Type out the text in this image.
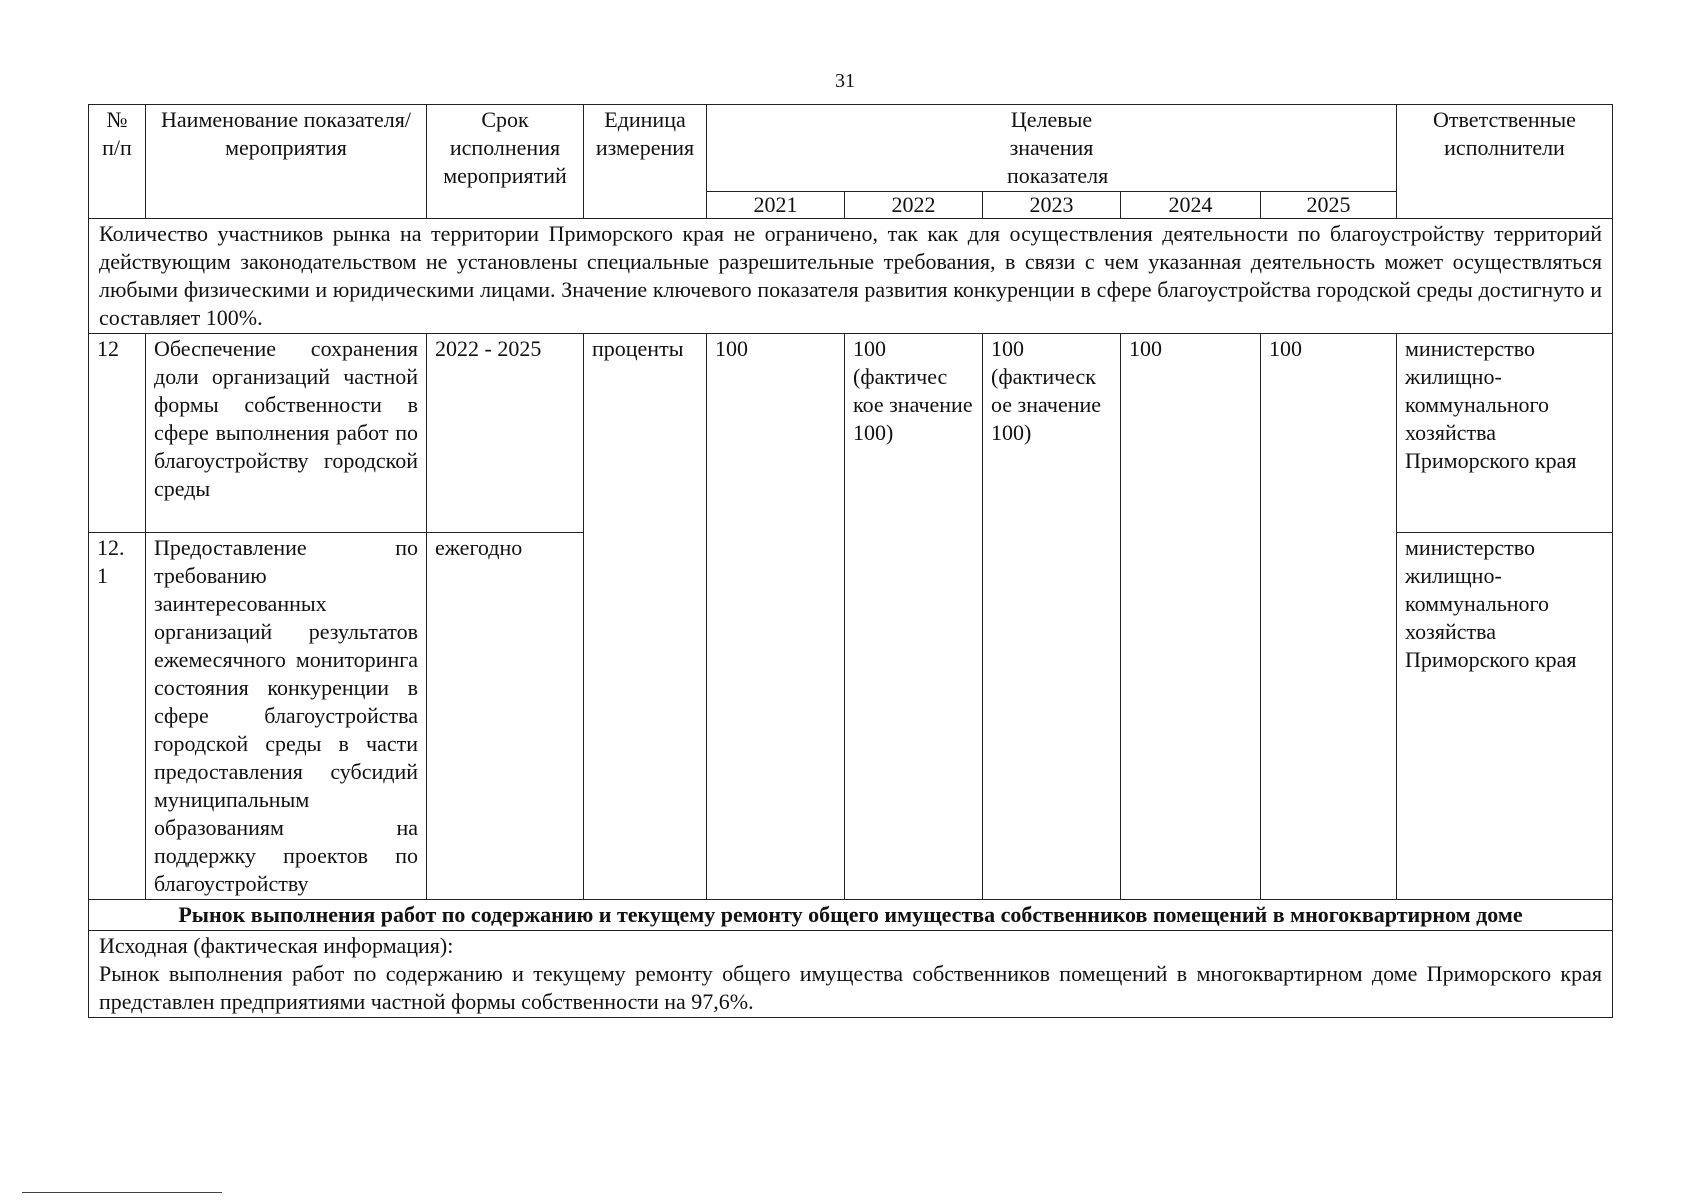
31
№ п/п	Наименование показателя/мероприятия	Срок исполнения мероприятий	Единица измерения	Целевые значения показателя					Ответственные исполнители
				2021	2022	2023	2024	2025	
Количество участников рынка на территории Приморского края не ограничено, так как для осуществления деятельности по благоустройству территорий действующим законодательством не установлены специальные разрешительные требования, в связи с чем указанная деятельность может осуществляться любыми физическими и юридическими лицами. Значение ключевого показателя развития конкуренции в сфере благоустройства городской среды достигнуто и составляет 100%.									
12	Обеспечение сохранения доли организаций частной формы собственности в сфере выполнения работ по благоустройству городской среды	2022 - 2025	проценты	100	100 (фактичес кое значение 100)	100 (фактическ ое значение 100)	100	100	министерство жилищно-коммунального хозяйства Приморского края
12. 1	Предоставление по требованию заинтересованных организаций результатов ежемесячного мониторинга состояния конкуренции в сфере благоустройства городской среды в части предоставления субсидий муниципальным образованиям на поддержку проектов по благоустройству	ежегодно							министерство жилищно-коммунального хозяйства Приморского края
Рынок выполнения работ по содержанию и текущему ремонту общего имущества собственников помещений в многоквартирном доме									

Исходная (фактическая информация):

Рынок выполнения работ по содержанию и текущему ремонту общего имущества собственников помещений в многоквартирном доме Приморского края представлен предприятиями частной формы собственности на 97,6%.									
